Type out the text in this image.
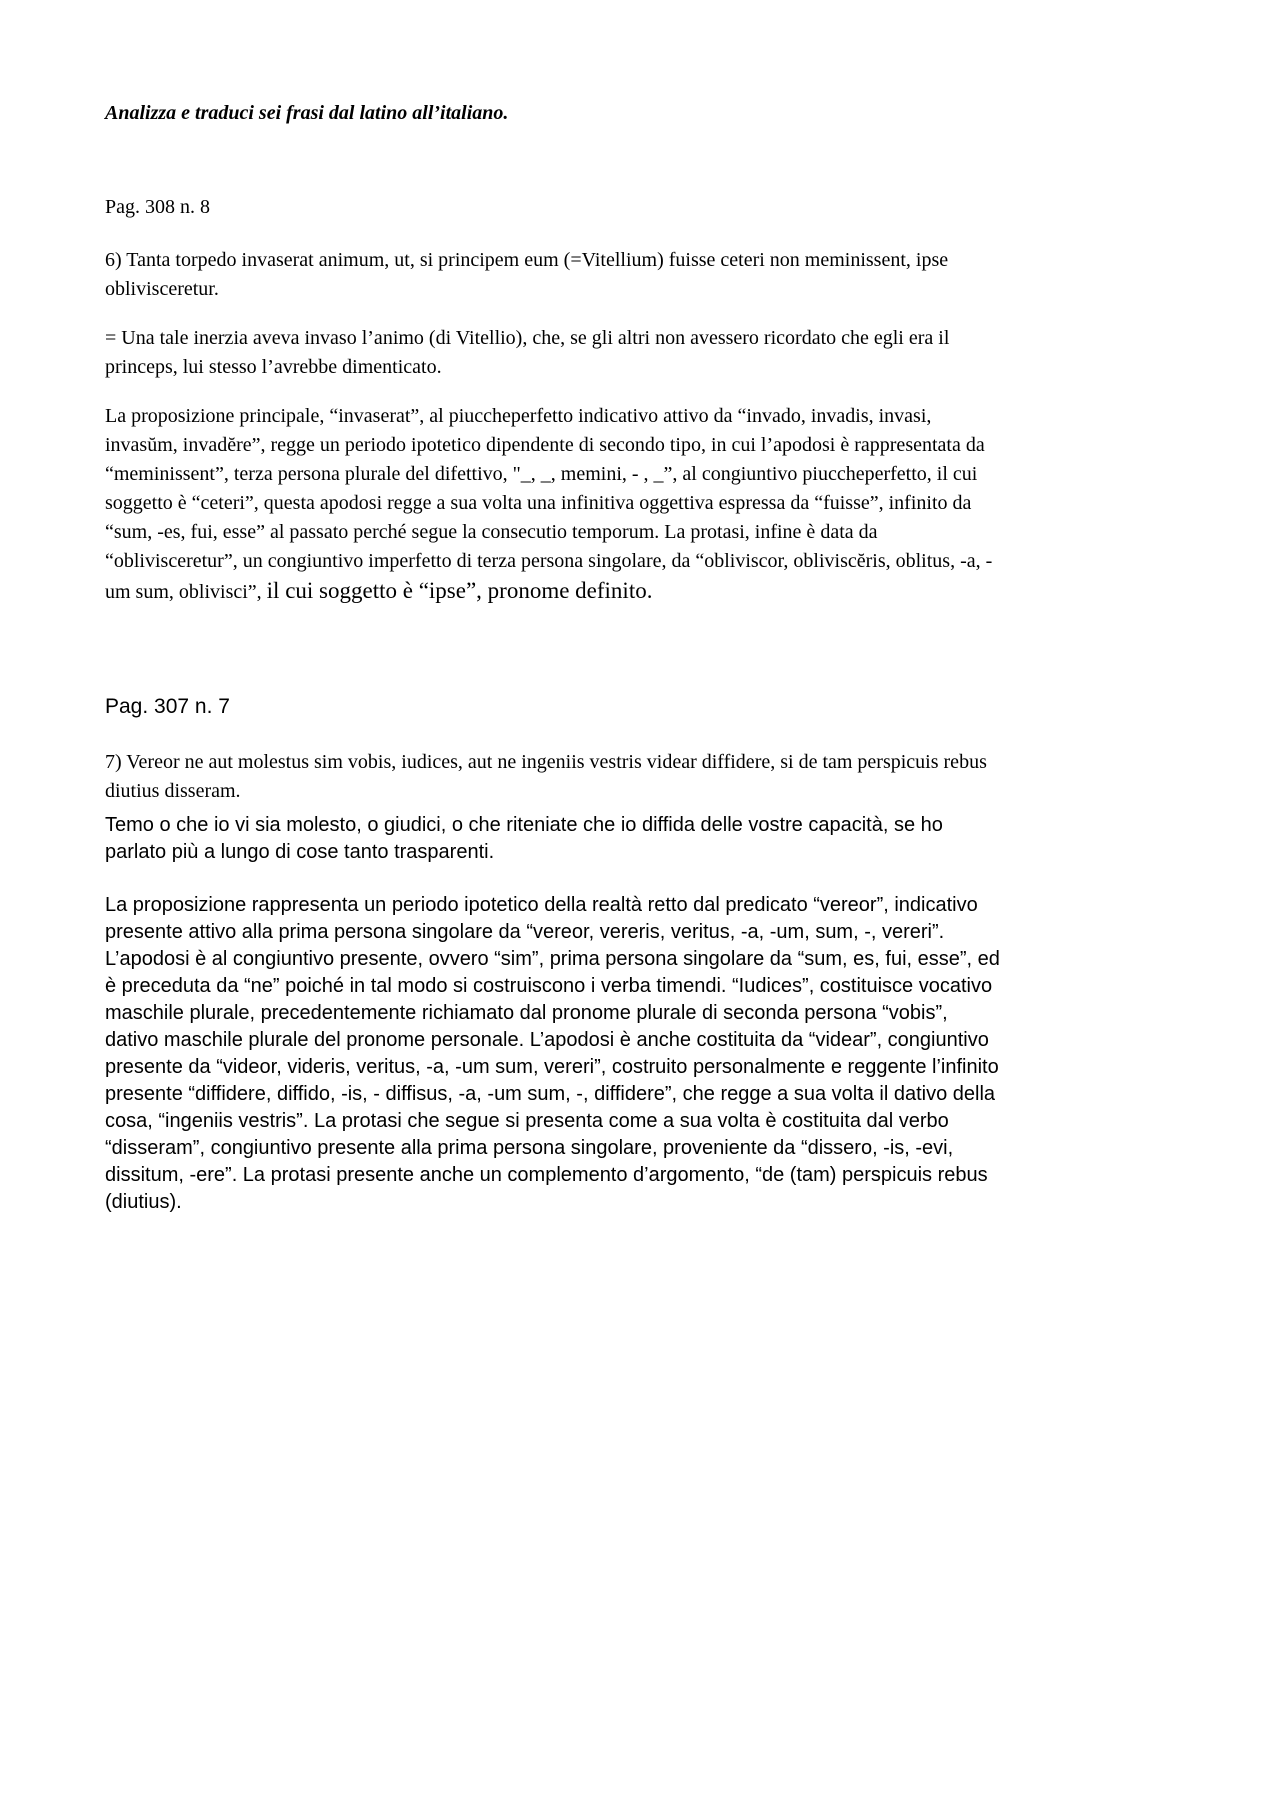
Analizza e traduci sei frasi dal latino all’italiano.

Pag. 308 n. 8

6) Tanta torpedo invaserat animum, ut, si principem eum (=Vitellium) fuisse ceteri non meminissent, ipse oblivisceretur.

= Una tale inerzia aveva invaso l’animo (di Vitellio), che, se gli altri non avessero ricordato che egli era il princeps, lui stesso l’avrebbe dimenticato.

La proposizione principale, “invaserat”, al piuccheperfetto indicativo attivo da “invado, invadis, invasi, invasŭm, invadĕre”, regge un periodo ipotetico dipendente di secondo tipo, in cui l’apodosi è rappresentata da “meminissent”, terza persona plurale del difettivo, "_, _, memini, - , _”, al congiuntivo piuccheperfetto, il cui soggetto è “ceteri”, questa apodosi regge a sua volta una infinitiva oggettiva espressa da “fuisse”, infinito da “sum, -es, fui, esse” al passato perché segue la consecutio temporum. La protasi, infine è data da “oblivisceretur”, un congiuntivo imperfetto di terza persona singolare, da “obliviscor, obliviscĕris, oblitus, -a, -um sum, oblivisci”, il cui soggetto è “ipse”, pronome definito.

Pag. 307 n. 7

7) Vereor ne aut molestus sim vobis, iudices, aut ne ingeniis vestris videar diffidere, si de tam perspicuis rebus diutius disseram.

Temo o che io vi sia molesto, o giudici, o che riteniate che io diffida delle vostre capacità, se ho parlato più a lungo di cose tanto trasparenti.

La proposizione rappresenta un periodo ipotetico della realtà retto dal predicato “vereor”, indicativo presente attivo alla prima persona singolare da “vereor, vereris, veritus, -a, -um, sum, -, vereri”. L’apodosi è al congiuntivo presente, ovvero “sim”, prima persona singolare da “sum, es, fui, esse”, ed è preceduta da “ne” poiché in tal modo si costruiscono i verba timendi. “Iudices”, costituisce vocativo maschile plurale, precedentemente richiamato dal pronome plurale di seconda persona “vobis”, dativo maschile plurale del pronome personale. L’apodosi è anche costituita da “videar”, congiuntivo presente da “videor, videris, veritus, -a, -um sum, vereri”, costruito personalmente e reggente l’infinito presente “diffidere, diffido, -is, - diffisus, -a, -um sum, -, diffidere”, che regge a sua volta il dativo della cosa, “ingeniis vestris”. La protasi che segue si presenta come a sua volta è costituita dal verbo “disseram”, congiuntivo presente alla prima persona singolare, proveniente da “dissero, -is, -evi, dissitum, -ere”. La protasi presente anche un complemento d’argomento, “de (tam) perspicuis rebus (diutius).
